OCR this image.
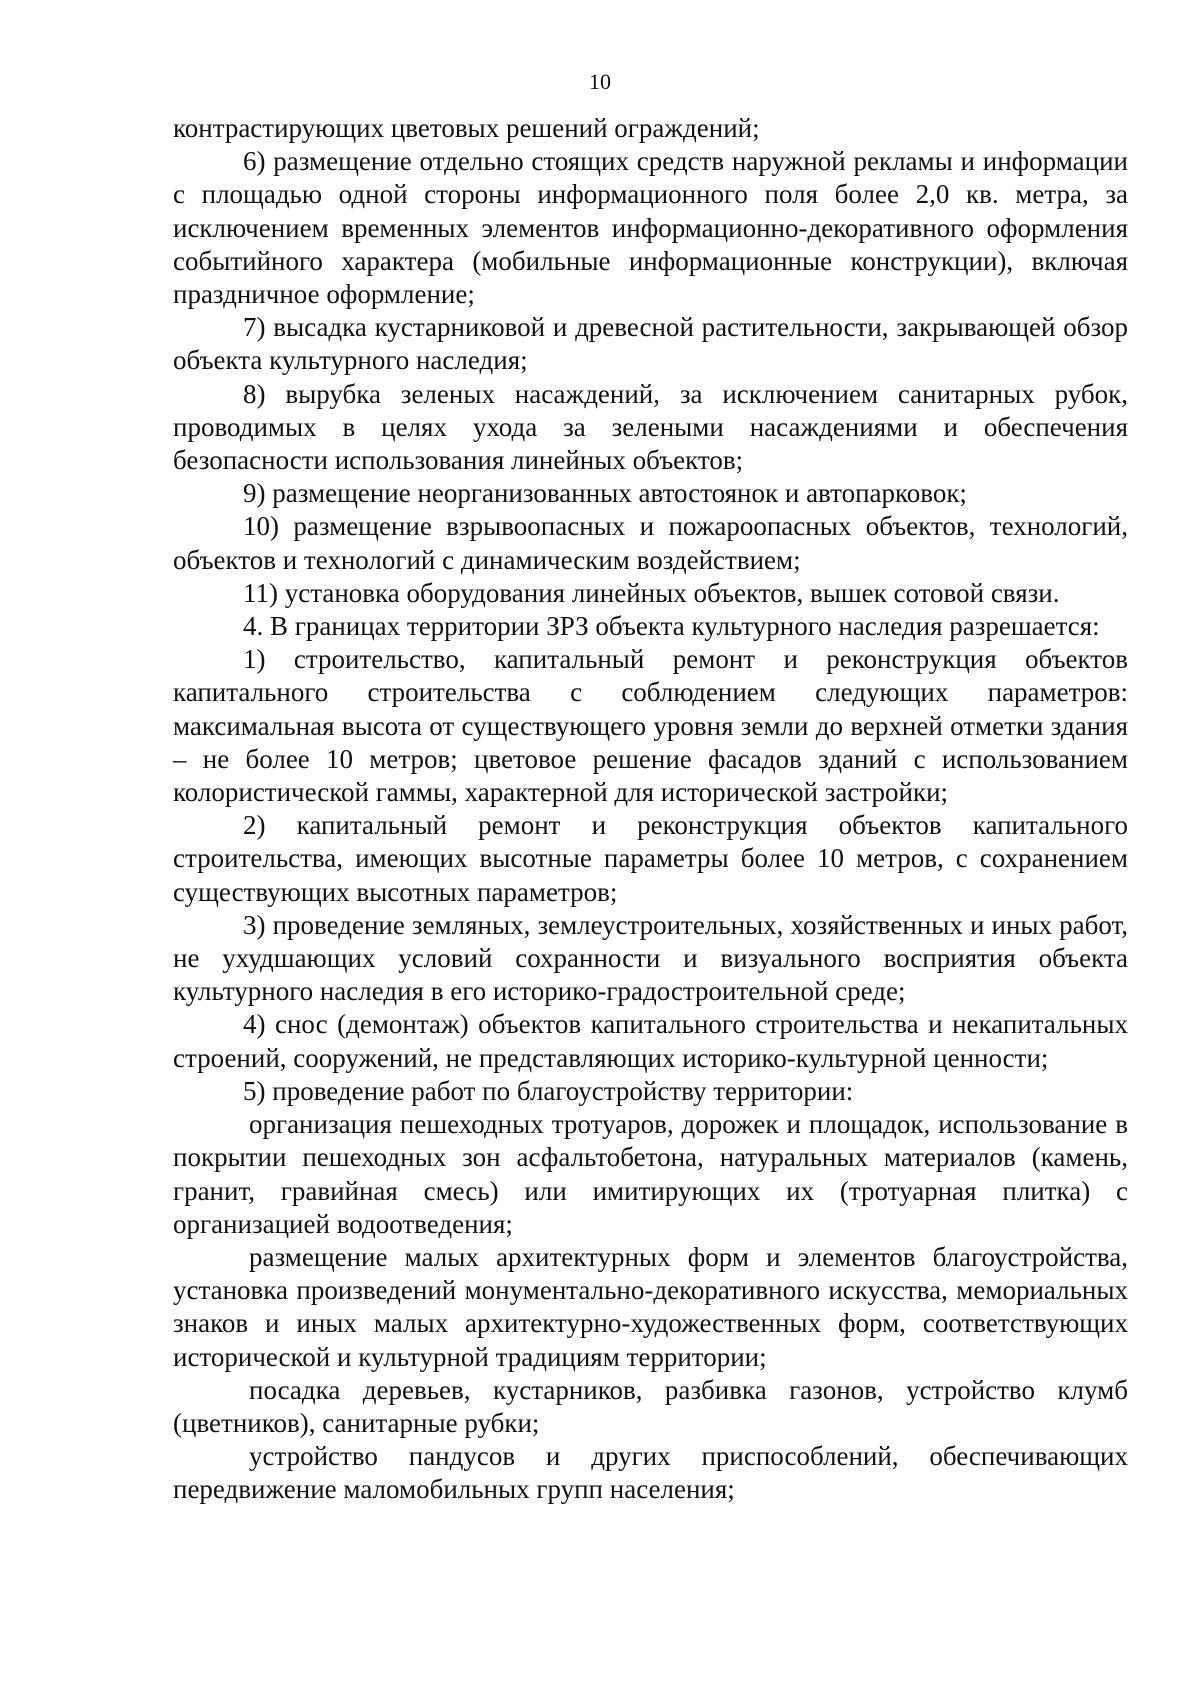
10

контрастирующих цветовых решений ограждений;

6) размещение отдельно стоящих средств наружной рекламы и информации с площадью одной стороны информационного поля более 2,0 кв. метра, за исключением временных элементов информационно-декоративного оформления событийного характера (мобильные информационные конструкции), включая праздничное оформление;

7) высадка кустарниковой и древесной растительности, закрывающей обзор объекта культурного наследия;

8) вырубка зеленых насаждений, за исключением санитарных рубок, проводимых в целях ухода за зелеными насаждениями и обеспечения безопасности использования линейных объектов;

9) размещение неорганизованных автостоянок и автопарковок;

10) размещение взрывоопасных и пожароопасных объектов, технологий, объектов и технологий с динамическим воздействием;

11) установка оборудования линейных объектов, вышек сотовой связи.

4. В границах территории ЗРЗ объекта культурного наследия разрешается:

1) строительство, капитальный ремонт и реконструкция объектов капитального строительства с соблюдением следующих параметров: максимальная высота от существующего уровня земли до верхней отметки здания – не более 10 метров; цветовое решение фасадов зданий с использованием колористической гаммы, характерной для исторической застройки;

2) капитальный ремонт и реконструкция объектов капитального строительства, имеющих высотные параметры более 10 метров, с сохранением существующих высотных параметров;

3) проведение земляных, землеустроительных, хозяйственных и иных работ, не ухудшающих условий сохранности и визуального восприятия объекта культурного наследия в его историко-градостроительной среде;

4) снос (демонтаж) объектов капитального строительства и некапитальных строений, сооружений, не представляющих историко-культурной ценности;

5) проведение работ по благоустройству территории:

организация пешеходных тротуаров, дорожек и площадок, использование в покрытии пешеходных зон асфальтобетона, натуральных материалов (камень, гранит, гравийная смесь) или имитирующих их (тротуарная плитка) с организацией водоотведения;

размещение малых архитектурных форм и элементов благоустройства, установка произведений монументально-декоративного искусства, мемориальных знаков и иных малых архитектурно-художественных форм, соответствующих исторической и культурной традициям территории;

посадка деревьев, кустарников, разбивка газонов, устройство клумб (цветников), санитарные рубки;

устройство пандусов и других приспособлений, обеспечивающих передвижение маломобильных групп населения;
